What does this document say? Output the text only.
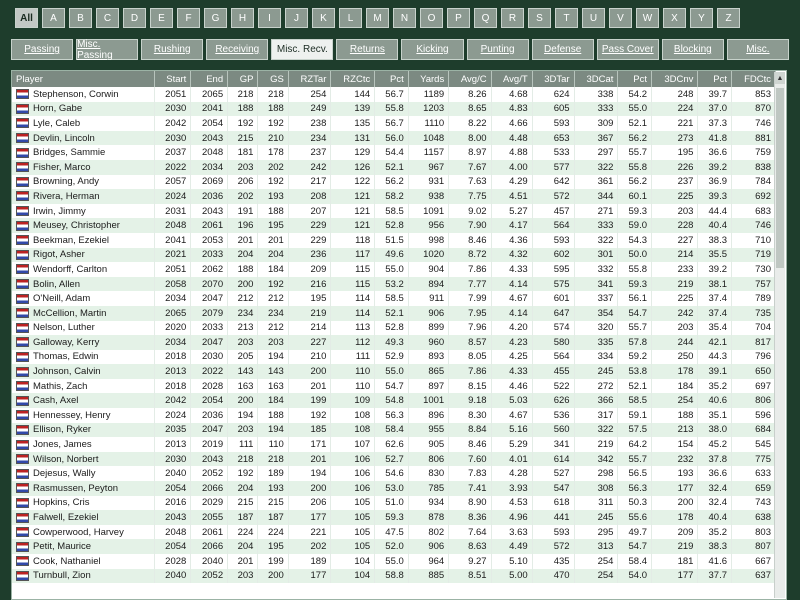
All	A	B	C	D	E	F	G	H	I	J	K	L	M	N	O	P	Q	R	S	T	U	V	W	X	Y	Z
Passing	Misc. Passing	Rushing	Receiving	Misc. Recv.	Returns	Kicking	Punting	Defense	Pass Cover	Blocking	Misc.
Player	Start	End	GP	GS	RZTar	RZCtc	Pct	Yards	Avg/C	Avg/T	3DTar	3DCat	Pct	3DCnv	Pct	FDCtc
Stephenson, Corwin	2051	2065	218	218	254	144	56.7	1189	8.26	4.68	624	338	54.2	248	39.7	853
Horn, Gabe	2030	2041	188	188	249	139	55.8	1203	8.65	4.83	605	333	55.0	224	37.0	870
Lyle, Caleb	2042	2054	192	192	238	135	56.7	1110	8.22	4.66	593	309	52.1	221	37.3	746
Devlin, Lincoln	2030	2043	215	210	234	131	56.0	1048	8.00	4.48	653	367	56.2	273	41.8	881
Bridges, Sammie	2037	2048	181	178	237	129	54.4	1157	8.97	4.88	533	297	55.7	195	36.6	759
Fisher, Marco	2022	2034	203	202	242	126	52.1	967	7.67	4.00	577	322	55.8	226	39.2	838
Browning, Andy	2057	2069	206	192	217	122	56.2	931	7.63	4.29	642	361	56.2	237	36.9	784
Rivera, Herman	2024	2036	202	193	208	121	58.2	938	7.75	4.51	572	344	60.1	225	39.3	692
Irwin, Jimmy	2031	2043	191	188	207	121	58.5	1091	9.02	5.27	457	271	59.3	203	44.4	683
Meusey, Christopher	2048	2061	196	195	229	121	52.8	956	7.90	4.17	564	333	59.0	228	40.4	746
Beekman, Ezekiel	2041	2053	201	201	229	118	51.5	998	8.46	4.36	593	322	54.3	227	38.3	710
Rigot, Asher	2021	2033	204	204	236	117	49.6	1020	8.72	4.32	602	301	50.0	214	35.5	719
Wendorff, Carlton	2051	2062	188	184	209	115	55.0	904	7.86	4.33	595	332	55.8	233	39.2	730
Bolin, Allen	2058	2070	200	192	216	115	53.2	894	7.77	4.14	575	341	59.3	219	38.1	757
O'Neill, Adam	2034	2047	212	212	195	114	58.5	911	7.99	4.67	601	337	56.1	225	37.4	789
McCellion, Martin	2065	2079	234	234	219	114	52.1	906	7.95	4.14	647	354	54.7	242	37.4	735
Nelson, Luther	2020	2033	213	212	214	113	52.8	899	7.96	4.20	574	320	55.7	203	35.4	704
Galloway, Kerry	2034	2047	203	203	227	112	49.3	960	8.57	4.23	580	335	57.8	244	42.1	817
Thomas, Edwin	2018	2030	205	194	210	111	52.9	893	8.05	4.25	564	334	59.2	250	44.3	796
Johnson, Calvin	2013	2022	143	143	200	110	55.0	865	7.86	4.33	455	245	53.8	178	39.1	650
Mathis, Zach	2018	2028	163	163	201	110	54.7	897	8.15	4.46	522	272	52.1	184	35.2	697
Cash, Axel	2042	2054	200	184	199	109	54.8	1001	9.18	5.03	626	366	58.5	254	40.6	806
Hennessey, Henry	2024	2036	194	188	192	108	56.3	896	8.30	4.67	536	317	59.1	188	35.1	596
Ellison, Ryker	2035	2047	203	194	185	108	58.4	955	8.84	5.16	560	322	57.5	213	38.0	684
Jones, James	2013	2019	111	110	171	107	62.6	905	8.46	5.29	341	219	64.2	154	45.2	545
Wilson, Norbert	2030	2043	218	218	201	106	52.7	806	7.60	4.01	614	342	55.7	232	37.8	775
Dejesus, Wally	2040	2052	192	189	194	106	54.6	830	7.83	4.28	527	298	56.5	193	36.6	633
Rasmussen, Peyton	2054	2066	204	193	200	106	53.0	785	7.41	3.93	547	308	56.3	177	32.4	659
Hopkins, Cris	2016	2029	215	215	206	105	51.0	934	8.90	4.53	618	311	50.3	200	32.4	743
Falwell, Ezekiel	2043	2055	187	187	177	105	59.3	878	8.36	4.96	441	245	55.6	178	40.4	638
Cowperwood, Harvey	2048	2061	224	224	221	105	47.5	802	7.64	3.63	593	295	49.7	209	35.2	803
Petit, Maurice	2054	2066	204	195	202	105	52.0	906	8.63	4.49	572	313	54.7	219	38.3	807
Cook, Nathaniel	2028	2040	201	199	189	104	55.0	964	9.27	5.10	435	254	58.4	181	41.6	667
Turnbull, Zion	2040	2052	203	200	177	104	58.8	885	8.51	5.00	470	254	54.0	177	37.7	637
▲
